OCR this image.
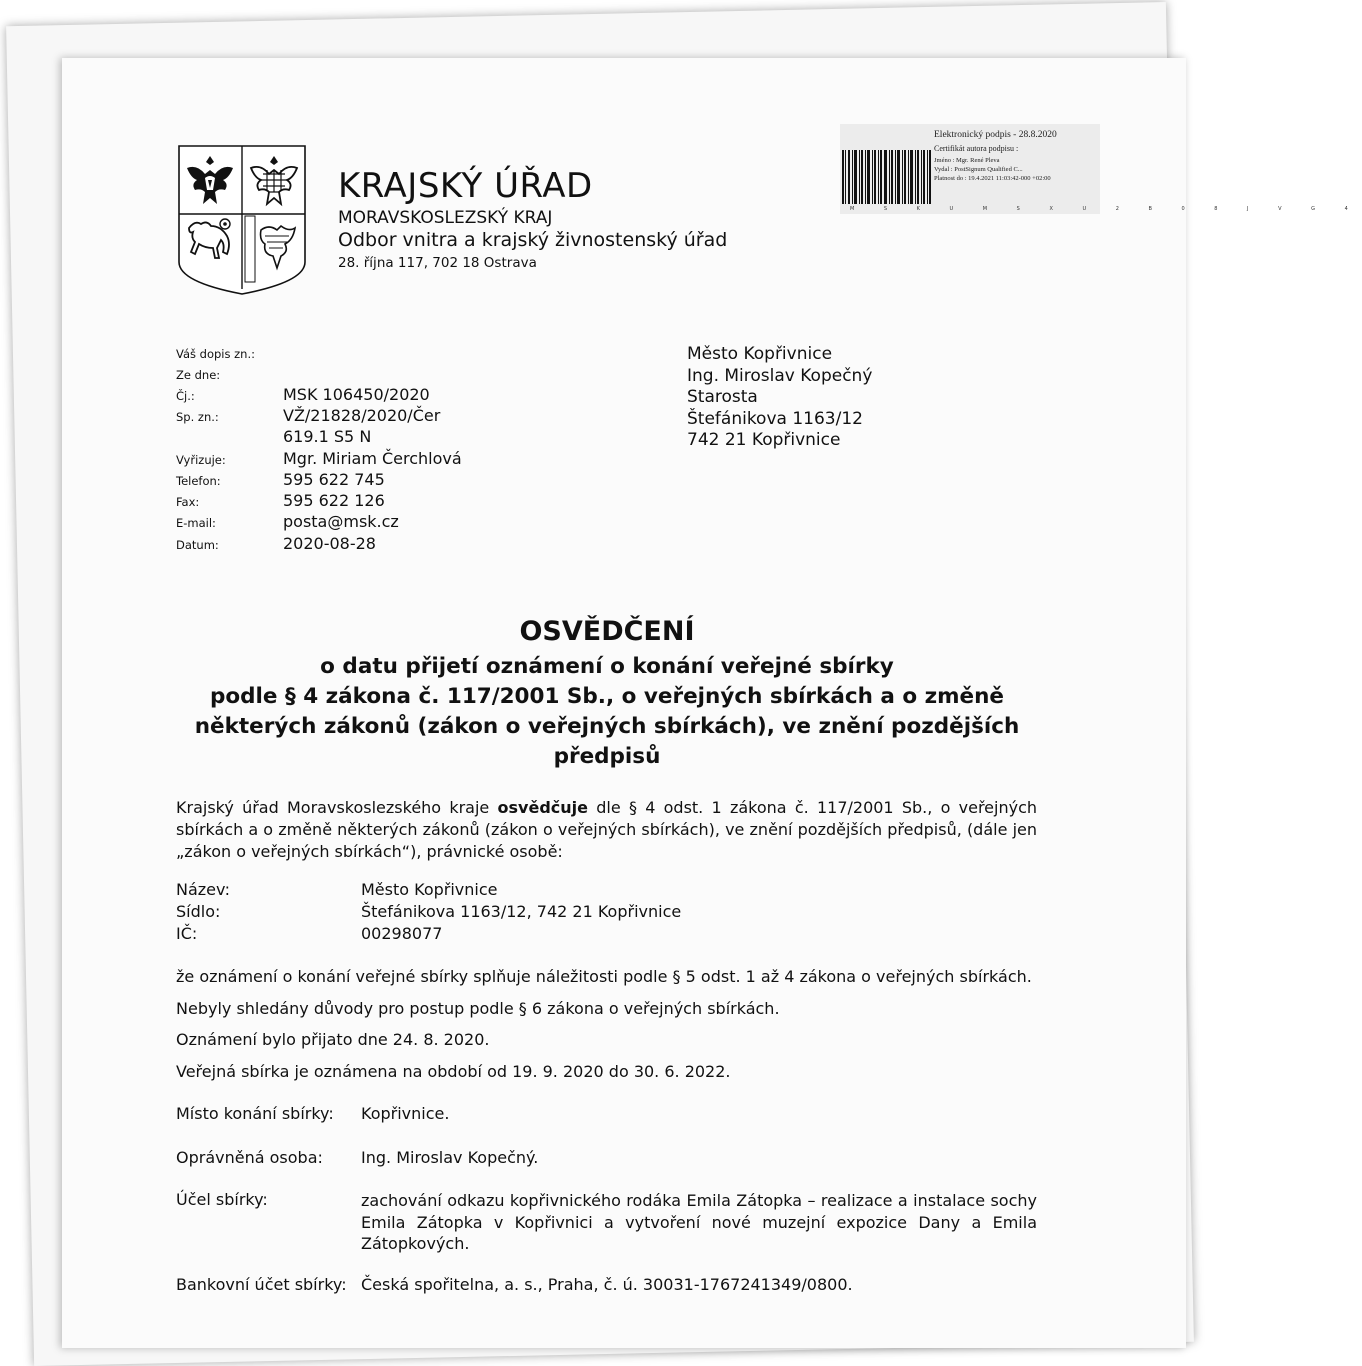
KRAJSKÝ ÚŘAD
MORAVSKOSLEZSKÝ KRAJ
Odbor vnitra a krajský živnostenský úřad
28. října 117, 702 18 Ostrava
Elektronický podpis - 28.8.2020
Certifikát autora podpisu :
Jméno : Mgr. René Pleva
Vydal : PostSignum Qualified C...
Platnost do : 19.4.2021 11:03:42-000 +02:00
M S K U M S X U 2 B 0 8 J V G 4
Váš dopis zn.:
Ze dne:
Čj.:	MSK 106450/2020
Sp. zn.:	VŽ/21828/2020/Čer
619.1 S5 N
Vyřizuje:	Mgr. Miriam Čerchlová
Telefon:	595 622 745
Fax:	595 622 126
E-mail:	posta@msk.cz
Datum:	2020-08-28
Město Kopřivnice
Ing. Miroslav Kopečný
Starosta
Štefánikova 1163/12
742 21 Kopřivnice
OSVĚDČENÍ
o datu přijetí oznámení o konání veřejné sbírky
podle § 4 zákona č. 117/2001 Sb., o veřejných sbírkách a o změně
některých zákonů (zákon o veřejných sbírkách), ve znění pozdějších
předpisů
Krajský úřad Moravskoslezského kraje osvědčuje dle § 4 odst. 1 zákona č. 117/2001 Sb., o veřejných sbírkách a o změně některých zákonů (zákon o veřejných sbírkách), ve znění pozdějších předpisů, (dále jen „zákon o veřejných sbírkách“), právnické osobě:
Název:	Město Kopřivnice
Sídlo:	Štefánikova 1163/12, 742 21 Kopřivnice
IČ:	00298077
že oznámení o konání veřejné sbírky splňuje náležitosti podle § 5 odst. 1 až 4 zákona o veřejných sbírkách.
Nebyly shledány důvody pro postup podle § 6 zákona o veřejných sbírkách.
Oznámení bylo přijato dne 24. 8. 2020.
Veřejná sbírka je oznámena na období od 19. 9. 2020 do 30. 6. 2022.
Místo konání sbírky: Kopřivnice.
Oprávněná osoba: Ing. Miroslav Kopečný.
Účel sbírky:	zachování odkazu kopřivnického rodáka Emila Zátopka – realizace a instalace sochy Emila Zátopka v Kopřivnici a vytvoření nové muzejní expozice Dany a Emila Zátopkových.
Bankovní účet sbírky: Česká spořitelna, a. s., Praha, č. ú. 30031-1767241349/0800.
